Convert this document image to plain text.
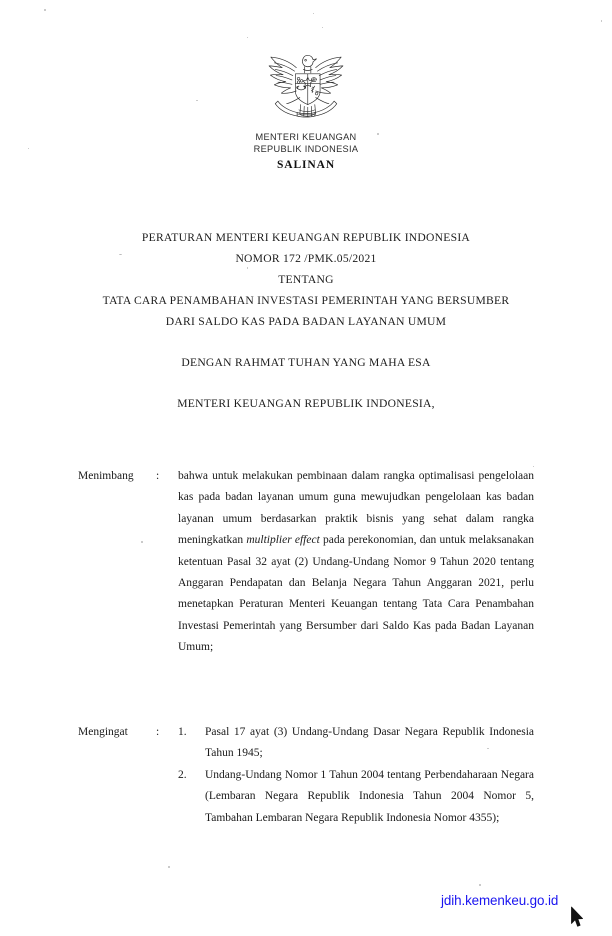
MENTERI KEUANGAN
REPUBLIK INDONESIA
SALINAN
PERATURAN MENTERI KEUANGAN REPUBLIK INDONESIA
NOMOR 172 /PMK.05/2021
TENTANG
TATA CARA PENAMBAHAN INVESTASI PEMERINTAH YANG BERSUMBER
DARI SALDO KAS PADA BADAN LAYANAN UMUM
DENGAN RAHMAT TUHAN YANG MAHA ESA
MENTERI KEUANGAN REPUBLIK INDONESIA,
Menimbang	:	bahwa untuk melakukan pembinaan dalam rangka optimalisasi pengelolaan kas pada badan layanan umum guna mewujudkan pengelolaan kas badan layanan umum berdasarkan praktik bisnis yang sehat dalam rangka meningkatkan multiplier effect pada perekonomian, dan untuk melaksanakan ketentuan Pasal 32 ayat (2) Undang-Undang Nomor 9 Tahun 2020 tentang Anggaran Pendapatan dan Belanja Negara Tahun Anggaran 2021, perlu menetapkan Peraturan Menteri Keuangan tentang Tata Cara Penambahan Investasi Pemerintah yang Bersumber dari Saldo Kas pada Badan Layanan Umum;

Mengingat	:	1.	Pasal 17 ayat (3) Undang-Undang Dasar Negara Republik Indonesia Tahun 1945;
2.	Undang-Undang Nomor 1 Tahun 2004 tentang Perbendaharaan Negara (Lembaran Negara Republik Indonesia Tahun 2004 Nomor 5, Tambahan Lembaran Negara Republik Indonesia Nomor 4355);
jdih.kemenkeu.go.id
